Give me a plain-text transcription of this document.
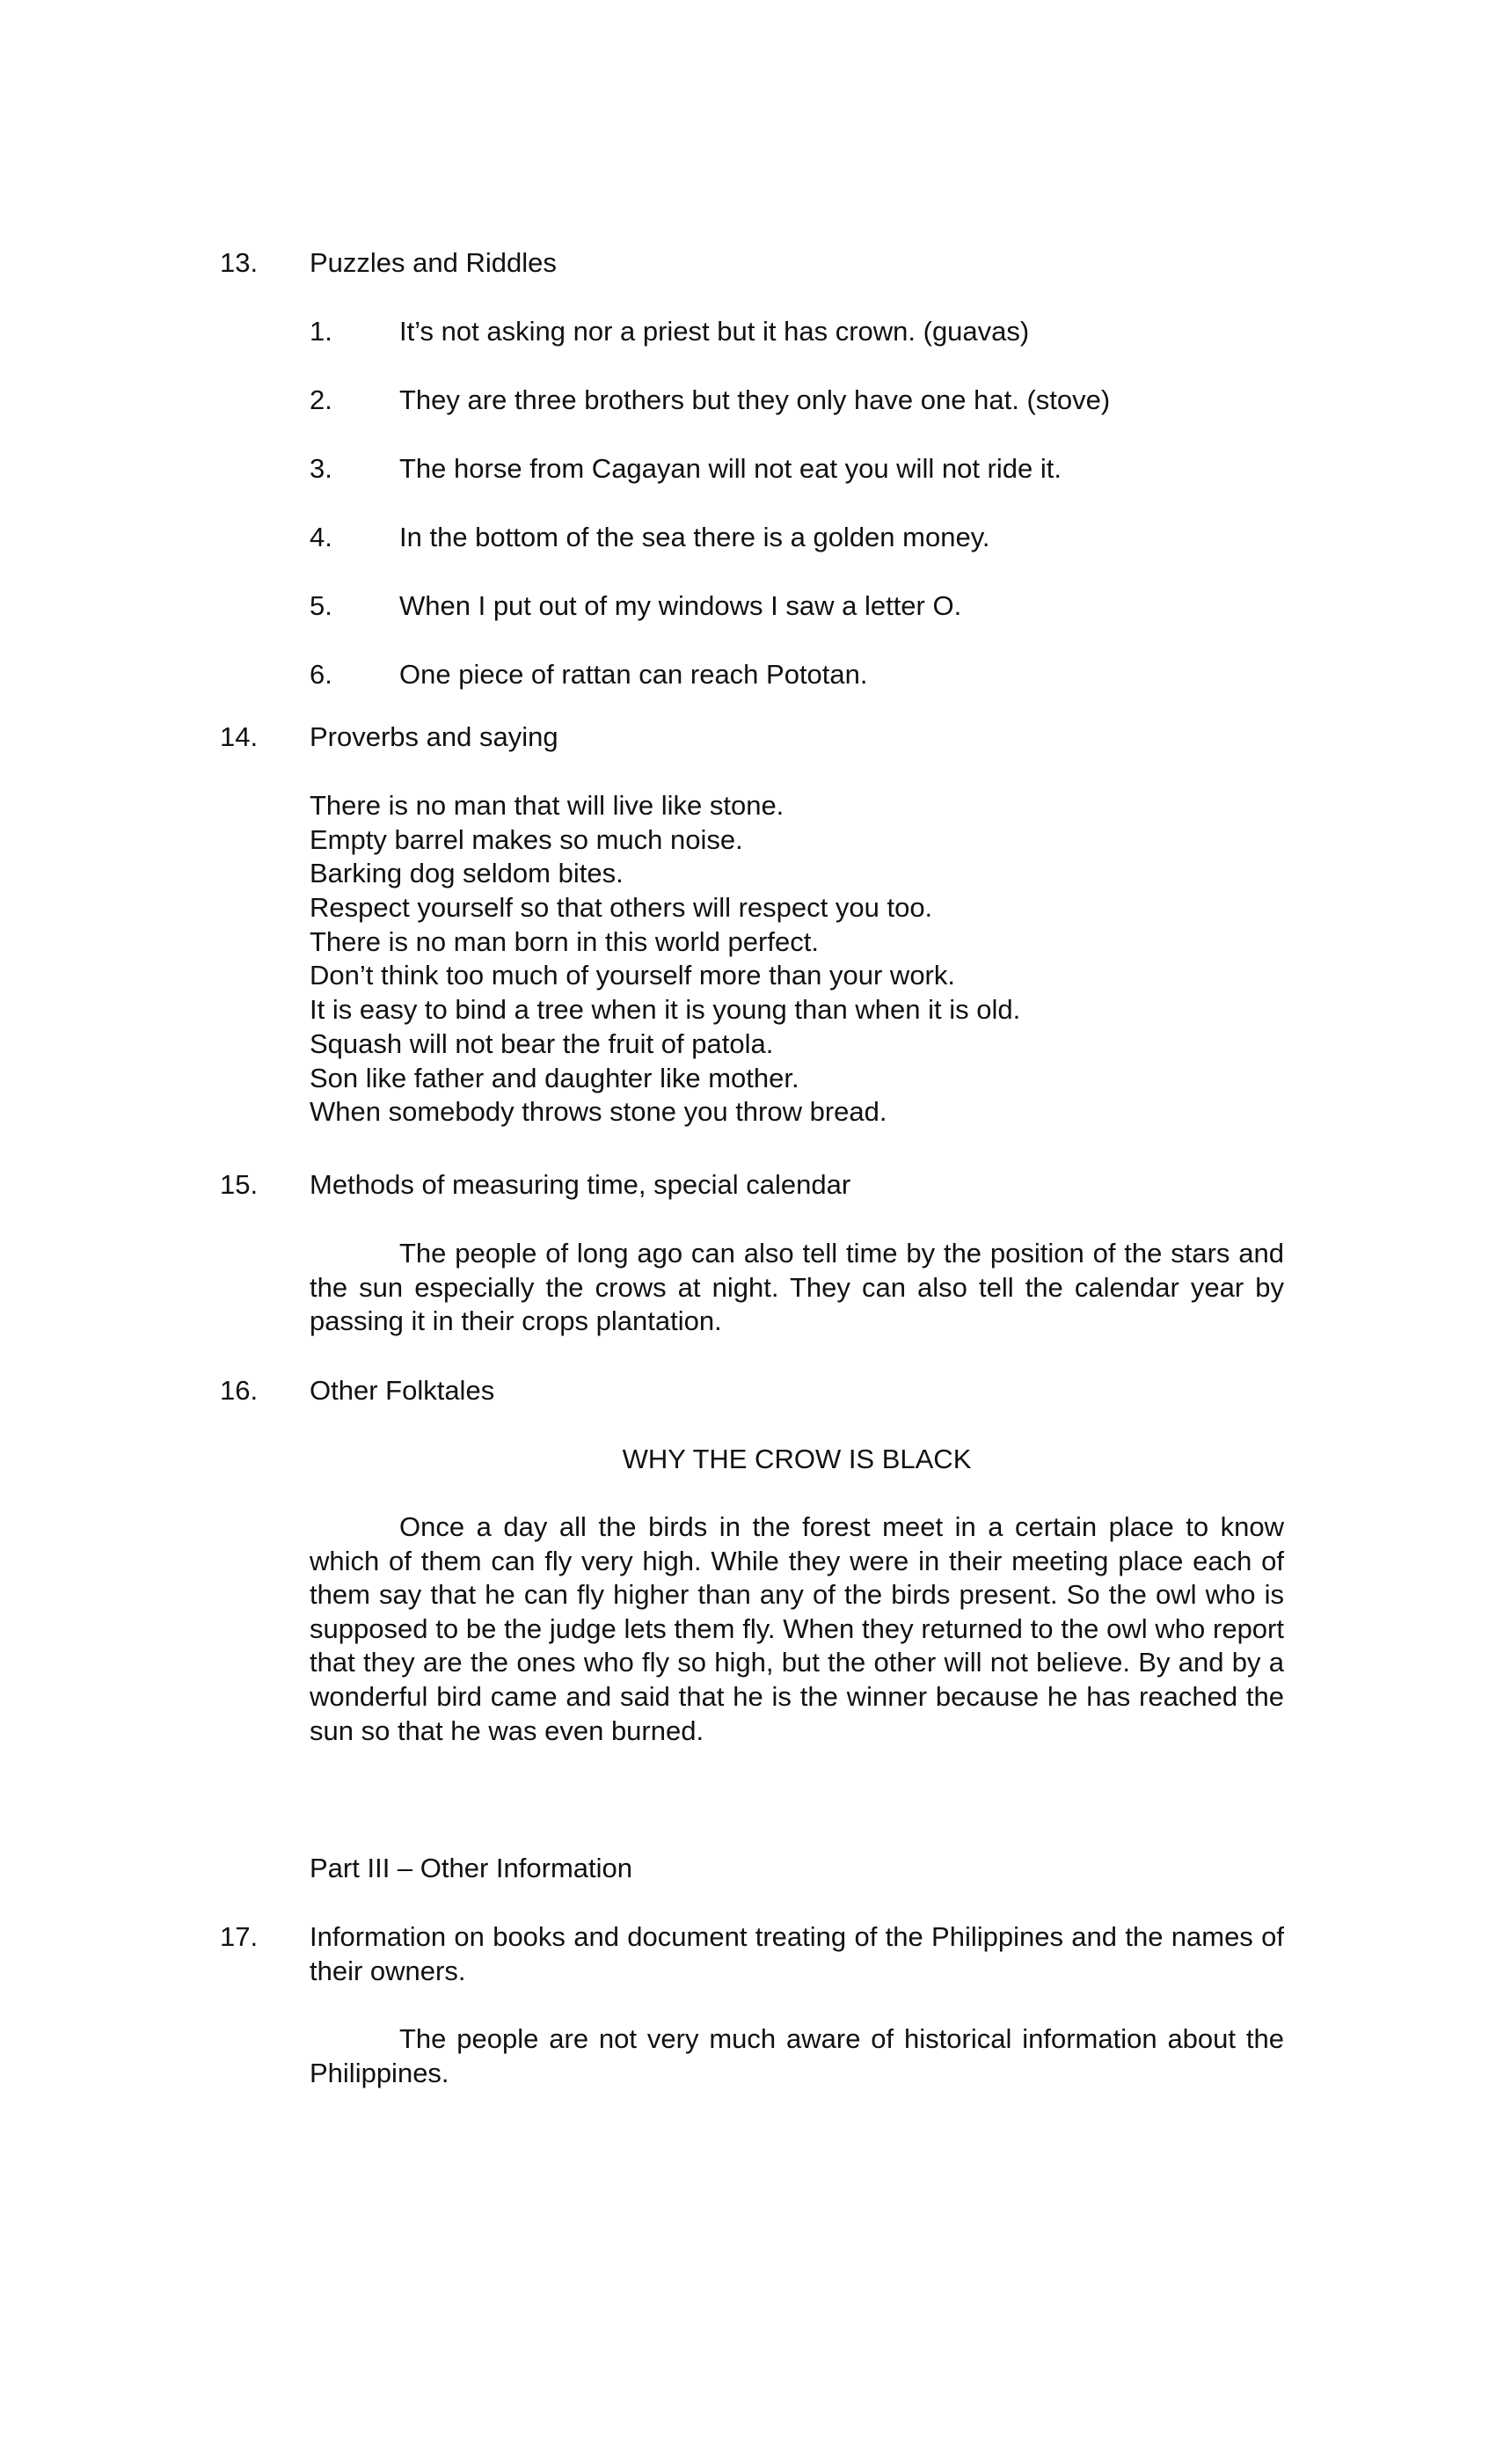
13. Puzzles and Riddles
1. It’s not asking nor a priest but it has crown. (guavas)
2. They are three brothers but they only have one hat. (stove)
3. The horse from Cagayan will not eat you will not ride it.
4. In the bottom of the sea there is a golden money.
5. When I put out of my windows I saw a letter O.
6. One piece of rattan can reach Pototan.
14. Proverbs and saying
There is no man that will live like stone.
Empty barrel makes so much noise.
Barking dog seldom bites.
Respect yourself so that others will respect you too.
There is no man born in this world perfect.
Don’t think too much of yourself more than your work.
It is easy to bind a tree when it is young than when it is old.
Squash will not bear the fruit of patola.
Son like father and daughter like mother.
When somebody throws stone you throw bread.
15. Methods of measuring time, special calendar

The people of long ago can also tell time by the position of the stars and the sun especially the crows at night. They can also tell the calendar year by passing it in their crops plantation.

16. Other Folktales
WHY THE CROW IS BLACK

Once a day all the birds in the forest meet in a certain place to know which of them can fly very high. While they were in their meeting place each of them say that he can fly higher than any of the birds present. So the owl who is supposed to be the judge lets them fly. When they returned to the owl who report that they are the ones who fly so high, but the other will not believe. By and by a wonderful bird came and said that he is the winner because he has reached the sun so that he was even burned.

Part III – Other Information
17. Information on books and document treating of the Philippines and the names of their owners.

The people are not very much aware of historical information about the Philippines.
